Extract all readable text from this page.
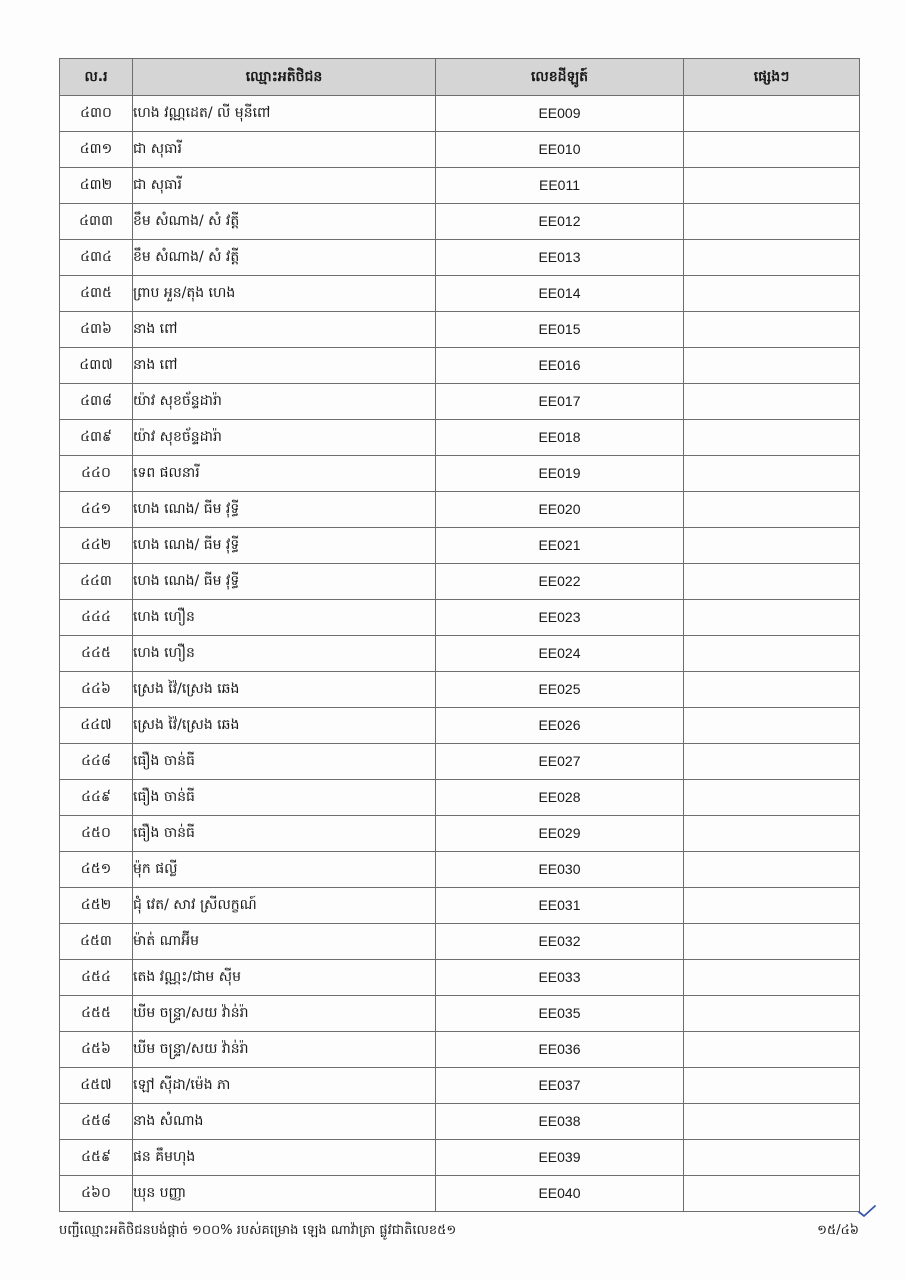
ល.រ	ឈ្មោះអតិថិជន	លេខដីឡូត៍	ផ្សេងៗ
៤៣០	ហេង វណ្ណដេត/ លី មុនីពៅ	EE009	
៤៣១	ជា សុធារី	EE010	
៤៣២	ជា សុធារី	EE011	
៤៣៣	ខឹម សំណាង/ សំ វត្តី	EE012	
៤៣៤	ខឹម សំណាង/ សំ វត្តី	EE013	
៤៣៥	ព្រាប អួន/តុង ហេង	EE014	
៤៣៦	នាង ពៅ	EE015	
៤៣៧	នាង ពៅ	EE016	
៤៣៨	យ៉ាវ សុខច័ន្ទដារ៉ា	EE017	
៤៣៩	យ៉ាវ សុខច័ន្ទដារ៉ា	EE018	
៤៤០	ទេព ផលនារី	EE019	
៤៤១	ហេង ណេង/ ធីម វុទ្ធី	EE020	
៤៤២	ហេង ណេង/ ធីម វុទ្ធី	EE021	
៤៤៣	ហេង ណេង/ ធីម វុទ្ធី	EE022	
៤៤៤	ហេង ហឿន	EE023	
៤៤៥	ហេង ហឿន	EE024	
៤៤៦	ស្រេង វ៉ៃ/ស្រេង ឆេង	EE025	
៤៤៧	ស្រេង វ៉ៃ/ស្រេង ឆេង	EE026	
៤៤៨	ធឿង ចាន់ធី	EE027	
៤៤៩	ធឿង ចាន់ធី	EE028	
៤៥០	ធឿង ចាន់ធី	EE029	
៤៥១	ម៉ុក ផល្លី	EE030	
៤៥២	ជុំ វេត/ សាវ ស្រីលក្ខណ៍	EE031	
៤៥៣	ម៉ាត់ ណាអ៊ីម	EE032	
៤៥៤	តេង វណ្ណះ/ជាម ស៊ីម	EE033	
៤៥៥	ឃីម ចន្ទ្រា/សយ វ៉ាន់រ៉ា	EE035	
៤៥៦	ឃីម ចន្ទ្រា/សយ វ៉ាន់រ៉ា	EE036	
៤៥៧	ឡៅ ស៊ីដា/ម៉េង ភា	EE037	
៤៥៨	នាង សំណាង	EE038	
៤៥៩	ផន គឹមហុង	EE039	
៤៦០	ឃុន បញ្ញា	EE040	
បញ្ជីឈ្មោះអតិថិជនបង់ផ្តាច់ ១០០% របស់គម្រោង ឡេង ណាវ៉ាត្រា ផ្លូវជាតិលេខ៥១	១៥/៤៦
